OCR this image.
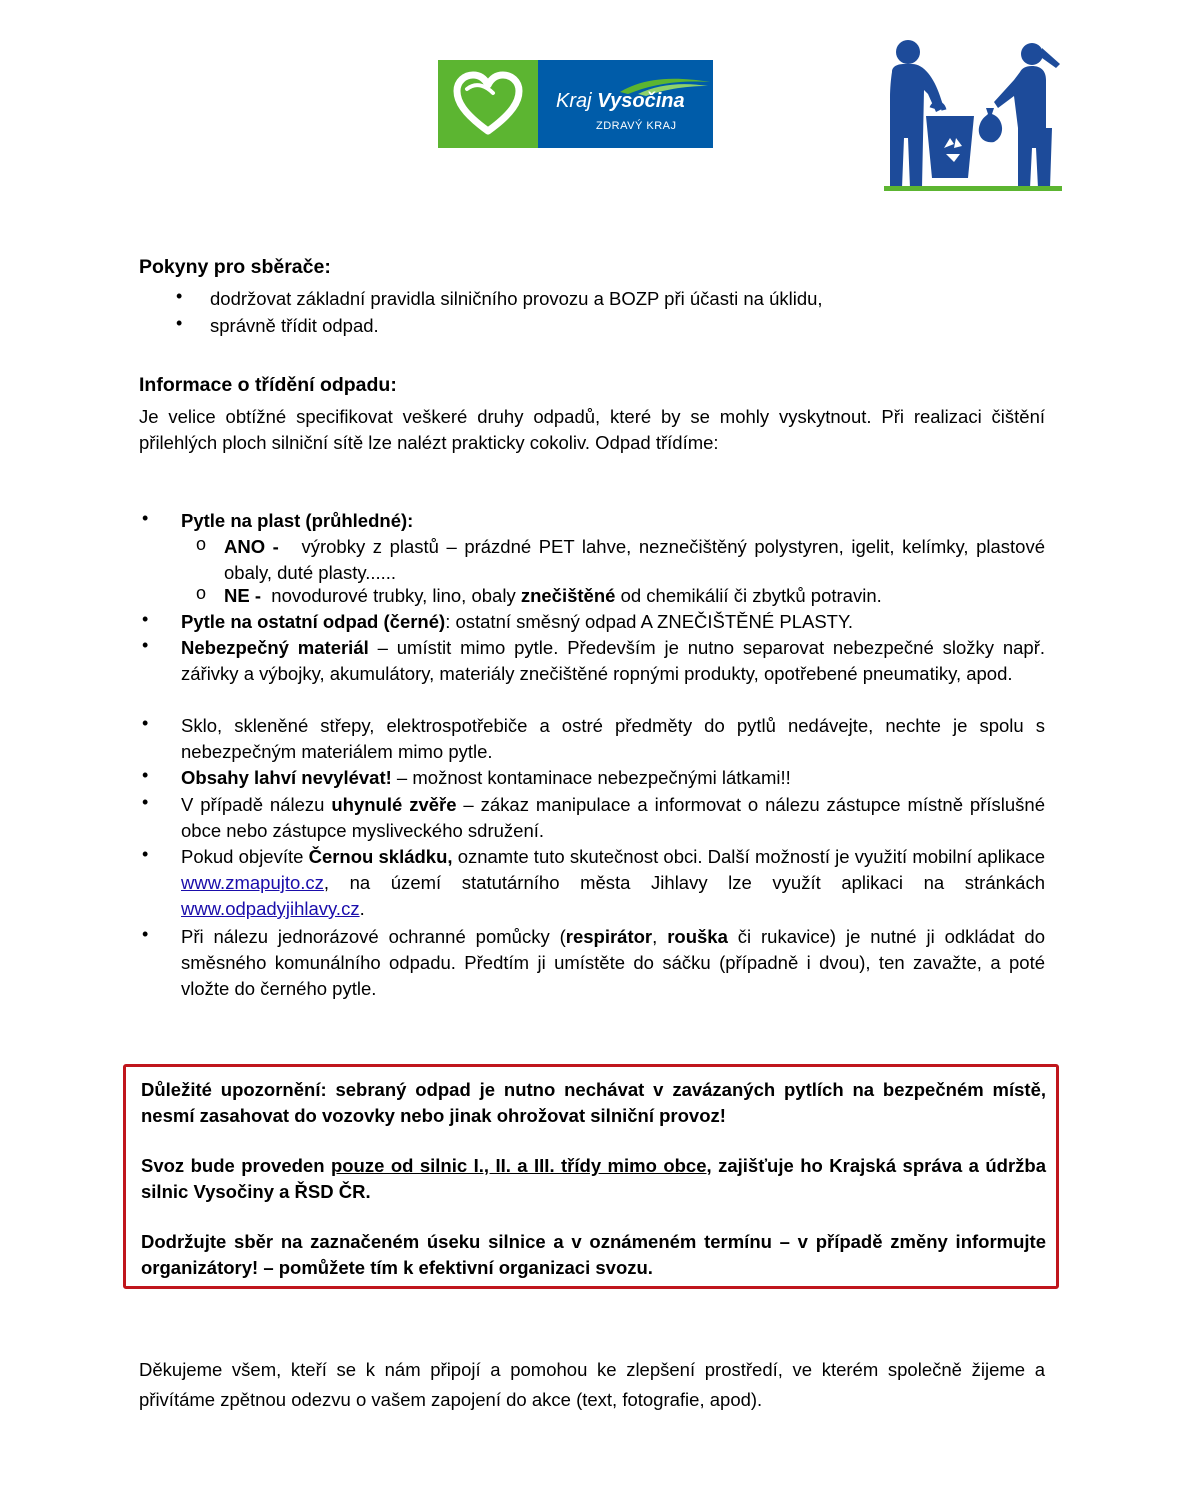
Kraj Vysočina
ZDRAVÝ KRAJ
Pokyny pro sběrače:
• dodržovat základní pravidla silničního provozu a BOZP při účasti na úklidu,

• správně třídit odpad.

Informace o třídění odpadu:

Je velice obtížné specifikovat veškeré druhy odpadů, které by se mohly vyskytnout. Při realizaci čištění přilehlých ploch silniční sítě lze nalézt prakticky cokoliv. Odpad třídíme:

• Pytle na plast (průhledné):

o ANO - výrobky z plastů – prázdné PET lahve, neznečištěný polystyren, igelit, kelímky, plastové obaly, duté plasty......

o NE - novodurové trubky, lino, obaly znečištěné od chemikálií či zbytků potravin.

• Pytle na ostatní odpad (černé): ostatní směsný odpad A ZNEČIŠTĚNÉ PLASTY.

• Nebezpečný materiál – umístit mimo pytle. Především je nutno separovat nebezpečné složky např. zářivky a výbojky, akumulátory, materiály znečištěné ropnými produkty, opotřebené pneumatiky, apod.

• Sklo, skleněné střepy, elektrospotřebiče a ostré předměty do pytlů nedávejte, nechte je spolu s nebezpečným materiálem mimo pytle.

• Obsahy lahví nevylévat! – možnost kontaminace nebezpečnými látkami!!

• V případě nálezu uhynulé zvěře – zákaz manipulace a informovat o nálezu zástupce místně příslušné obce nebo zástupce mysliveckého sdružení.

• Pokud objevíte Černou skládku, oznamte tuto skutečnost obci. Další možností je využití mobilní aplikace www.zmapujto.cz, na území statutárního města Jihlavy lze využít aplikaci na stránkách www.odpadyjihlavy.cz.

• Při nálezu jednorázové ochranné pomůcky (respirátor, rouška či rukavice) je nutné ji odkládat do směsného komunálního odpadu. Předtím ji umístěte do sáčku (případně i dvou), ten zavažte, a poté vložte do černého pytle.

Důležité upozornění: sebraný odpad je nutno nechávat v zavázaných pytlích na bezpečném místě, nesmí zasahovat do vozovky nebo jinak ohrožovat silniční provoz!

Svoz bude proveden pouze od silnic I., II. a III. třídy mimo obce, zajišťuje ho Krajská správa a údržba silnic Vysočiny a ŘSD ČR.

Dodržujte sběr na zaznačeném úseku silnice a v oznámeném termínu – v případě změny informujte organizátory! – pomůžete tím k efektivní organizaci svozu.

Děkujeme všem, kteří se k nám připojí a pomohou ke zlepšení prostředí, ve kterém společně žijeme a přivítáme zpětnou odezvu o vašem zapojení do akce (text, fotografie, apod).
